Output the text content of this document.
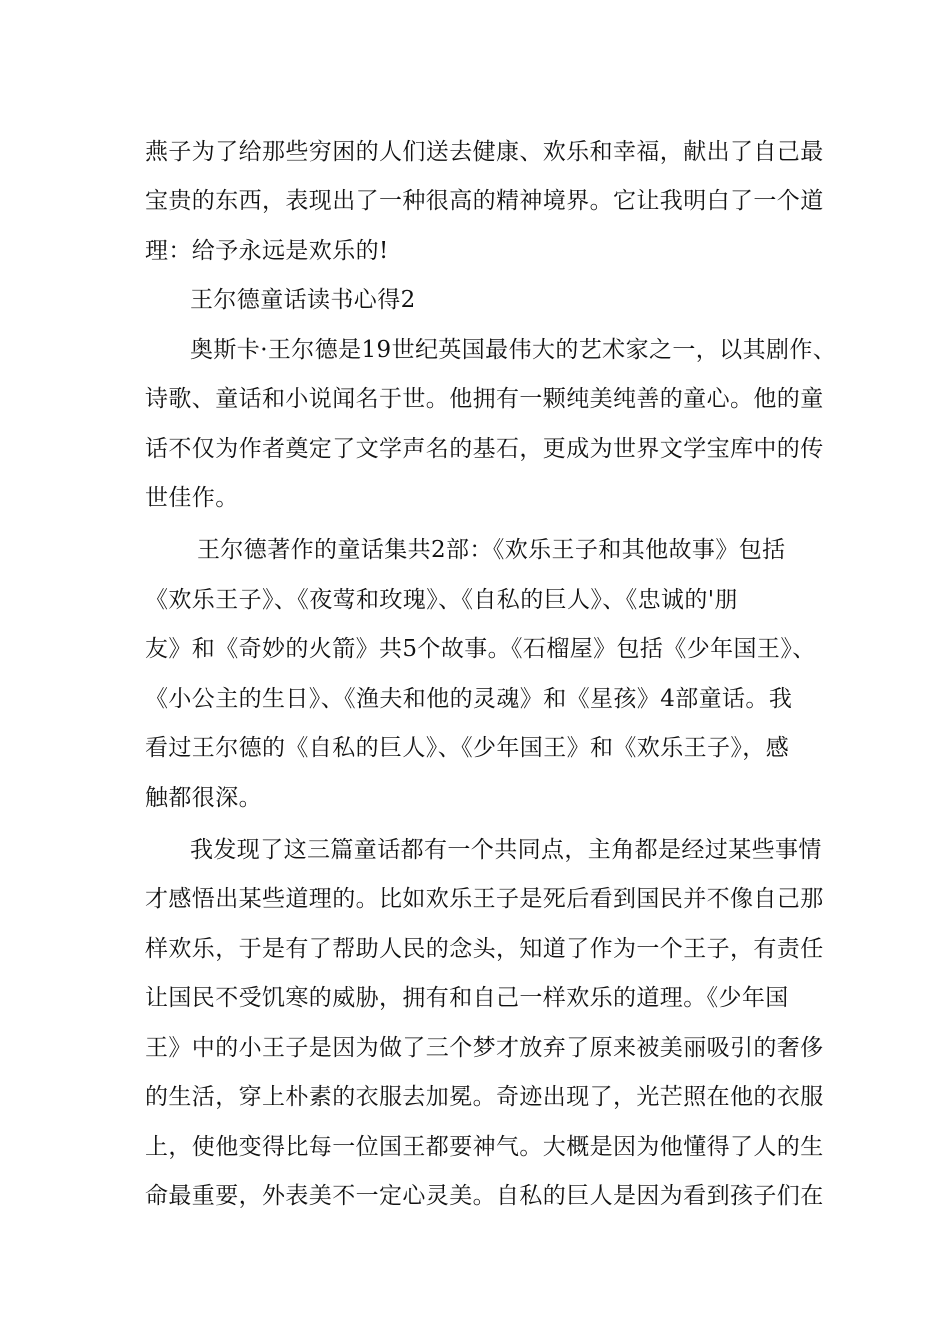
燕子为了给那些穷困的人们送去健康、欢乐和幸福，献出了自己最
宝贵的东西，表现出了一种很高的精神境界。它让我明白了一个道
理：给予永远是欢乐的!
王尔德童话读书心得2
奥斯卡·王尔德是19世纪英国最伟大的艺术家之一，以其剧作、
诗歌、童话和小说闻名于世。他拥有一颗纯美纯善的童心。他的童
话不仅为作者奠定了文学声名的基石，更成为世界文学宝库中的传
世佳作。
王尔德著作的童话集共2部：《欢乐王子和其他故事》包括
《欢乐王子》、《夜莺和玫瑰》、《自私的巨人》、《忠诚的'朋
友》和《奇妙的火箭》共5个故事。《石榴屋》包括《少年国王》、
《小公主的生日》、《渔夫和他的灵魂》和《星孩》4部童话。我
看过王尔德的《自私的巨人》、《少年国王》和《欢乐王子》，感
触都很深。
我发现了这三篇童话都有一个共同点，主角都是经过某些事情
才感悟出某些道理的。比如欢乐王子是死后看到国民并不像自己那
样欢乐，于是有了帮助人民的念头，知道了作为一个王子，有责任
让国民不受饥寒的威胁，拥有和自己一样欢乐的道理。《少年国
王》中的小王子是因为做了三个梦才放弃了原来被美丽吸引的奢侈
的生活，穿上朴素的衣服去加冕。奇迹出现了，光芒照在他的衣服
上，使他变得比每一位国王都要神气。大概是因为他懂得了人的生
命最重要，外表美不一定心灵美。自私的巨人是因为看到孩子们在
